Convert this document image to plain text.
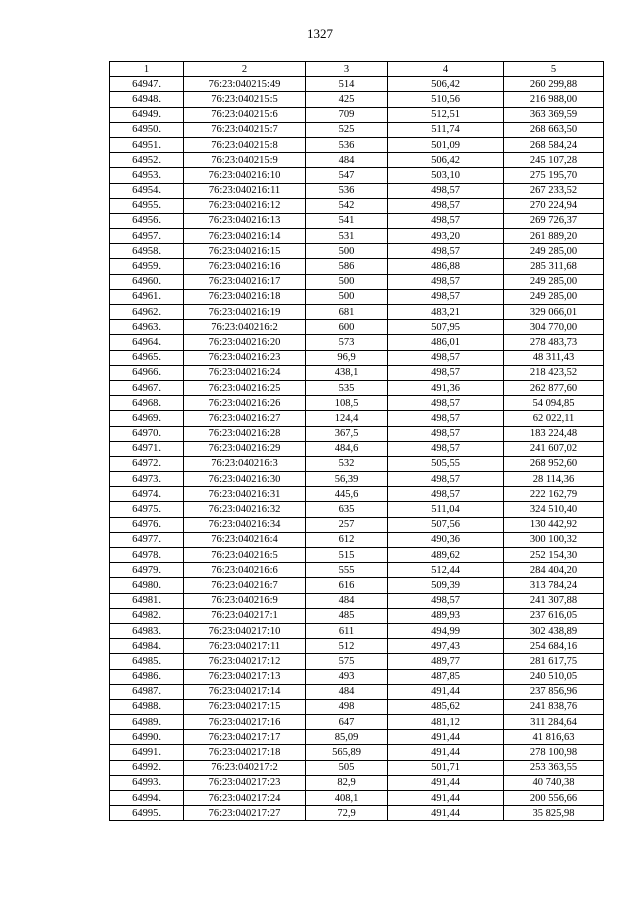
1327
1	2	3	4	5
64947.	76:23:040215:49	514	506,42	260 299,88
64948.	76:23:040215:5	425	510,56	216 988,00
64949.	76:23:040215:6	709	512,51	363 369,59
64950.	76:23:040215:7	525	511,74	268 663,50
64951.	76:23:040215:8	536	501,09	268 584,24
64952.	76:23:040215:9	484	506,42	245 107,28
64953.	76:23:040216:10	547	503,10	275 195,70
64954.	76:23:040216:11	536	498,57	267 233,52
64955.	76:23:040216:12	542	498,57	270 224,94
64956.	76:23:040216:13	541	498,57	269 726,37
64957.	76:23:040216:14	531	493,20	261 889,20
64958.	76:23:040216:15	500	498,57	249 285,00
64959.	76:23:040216:16	586	486,88	285 311,68
64960.	76:23:040216:17	500	498,57	249 285,00
64961.	76:23:040216:18	500	498,57	249 285,00
64962.	76:23:040216:19	681	483,21	329 066,01
64963.	76:23:040216:2	600	507,95	304 770,00
64964.	76:23:040216:20	573	486,01	278 483,73
64965.	76:23:040216:23	96,9	498,57	48 311,43
64966.	76:23:040216:24	438,1	498,57	218 423,52
64967.	76:23:040216:25	535	491,36	262 877,60
64968.	76:23:040216:26	108,5	498,57	54 094,85
64969.	76:23:040216:27	124,4	498,57	62 022,11
64970.	76:23:040216:28	367,5	498,57	183 224,48
64971.	76:23:040216:29	484,6	498,57	241 607,02
64972.	76:23:040216:3	532	505,55	268 952,60
64973.	76:23:040216:30	56,39	498,57	28 114,36
64974.	76:23:040216:31	445,6	498,57	222 162,79
64975.	76:23:040216:32	635	511,04	324 510,40
64976.	76:23:040216:34	257	507,56	130 442,92
64977.	76:23:040216:4	612	490,36	300 100,32
64978.	76:23:040216:5	515	489,62	252 154,30
64979.	76:23:040216:6	555	512,44	284 404,20
64980.	76:23:040216:7	616	509,39	313 784,24
64981.	76:23:040216:9	484	498,57	241 307,88
64982.	76:23:040217:1	485	489,93	237 616,05
64983.	76:23:040217:10	611	494,99	302 438,89
64984.	76:23:040217:11	512	497,43	254 684,16
64985.	76:23:040217:12	575	489,77	281 617,75
64986.	76:23:040217:13	493	487,85	240 510,05
64987.	76:23:040217:14	484	491,44	237 856,96
64988.	76:23:040217:15	498	485,62	241 838,76
64989.	76:23:040217:16	647	481,12	311 284,64
64990.	76:23:040217:17	85,09	491,44	41 816,63
64991.	76:23:040217:18	565,89	491,44	278 100,98
64992.	76:23:040217:2	505	501,71	253 363,55
64993.	76:23:040217:23	82,9	491,44	40 740,38
64994.	76:23:040217:24	408,1	491,44	200 556,66
64995.	76:23:040217:27	72,9	491,44	35 825,98
